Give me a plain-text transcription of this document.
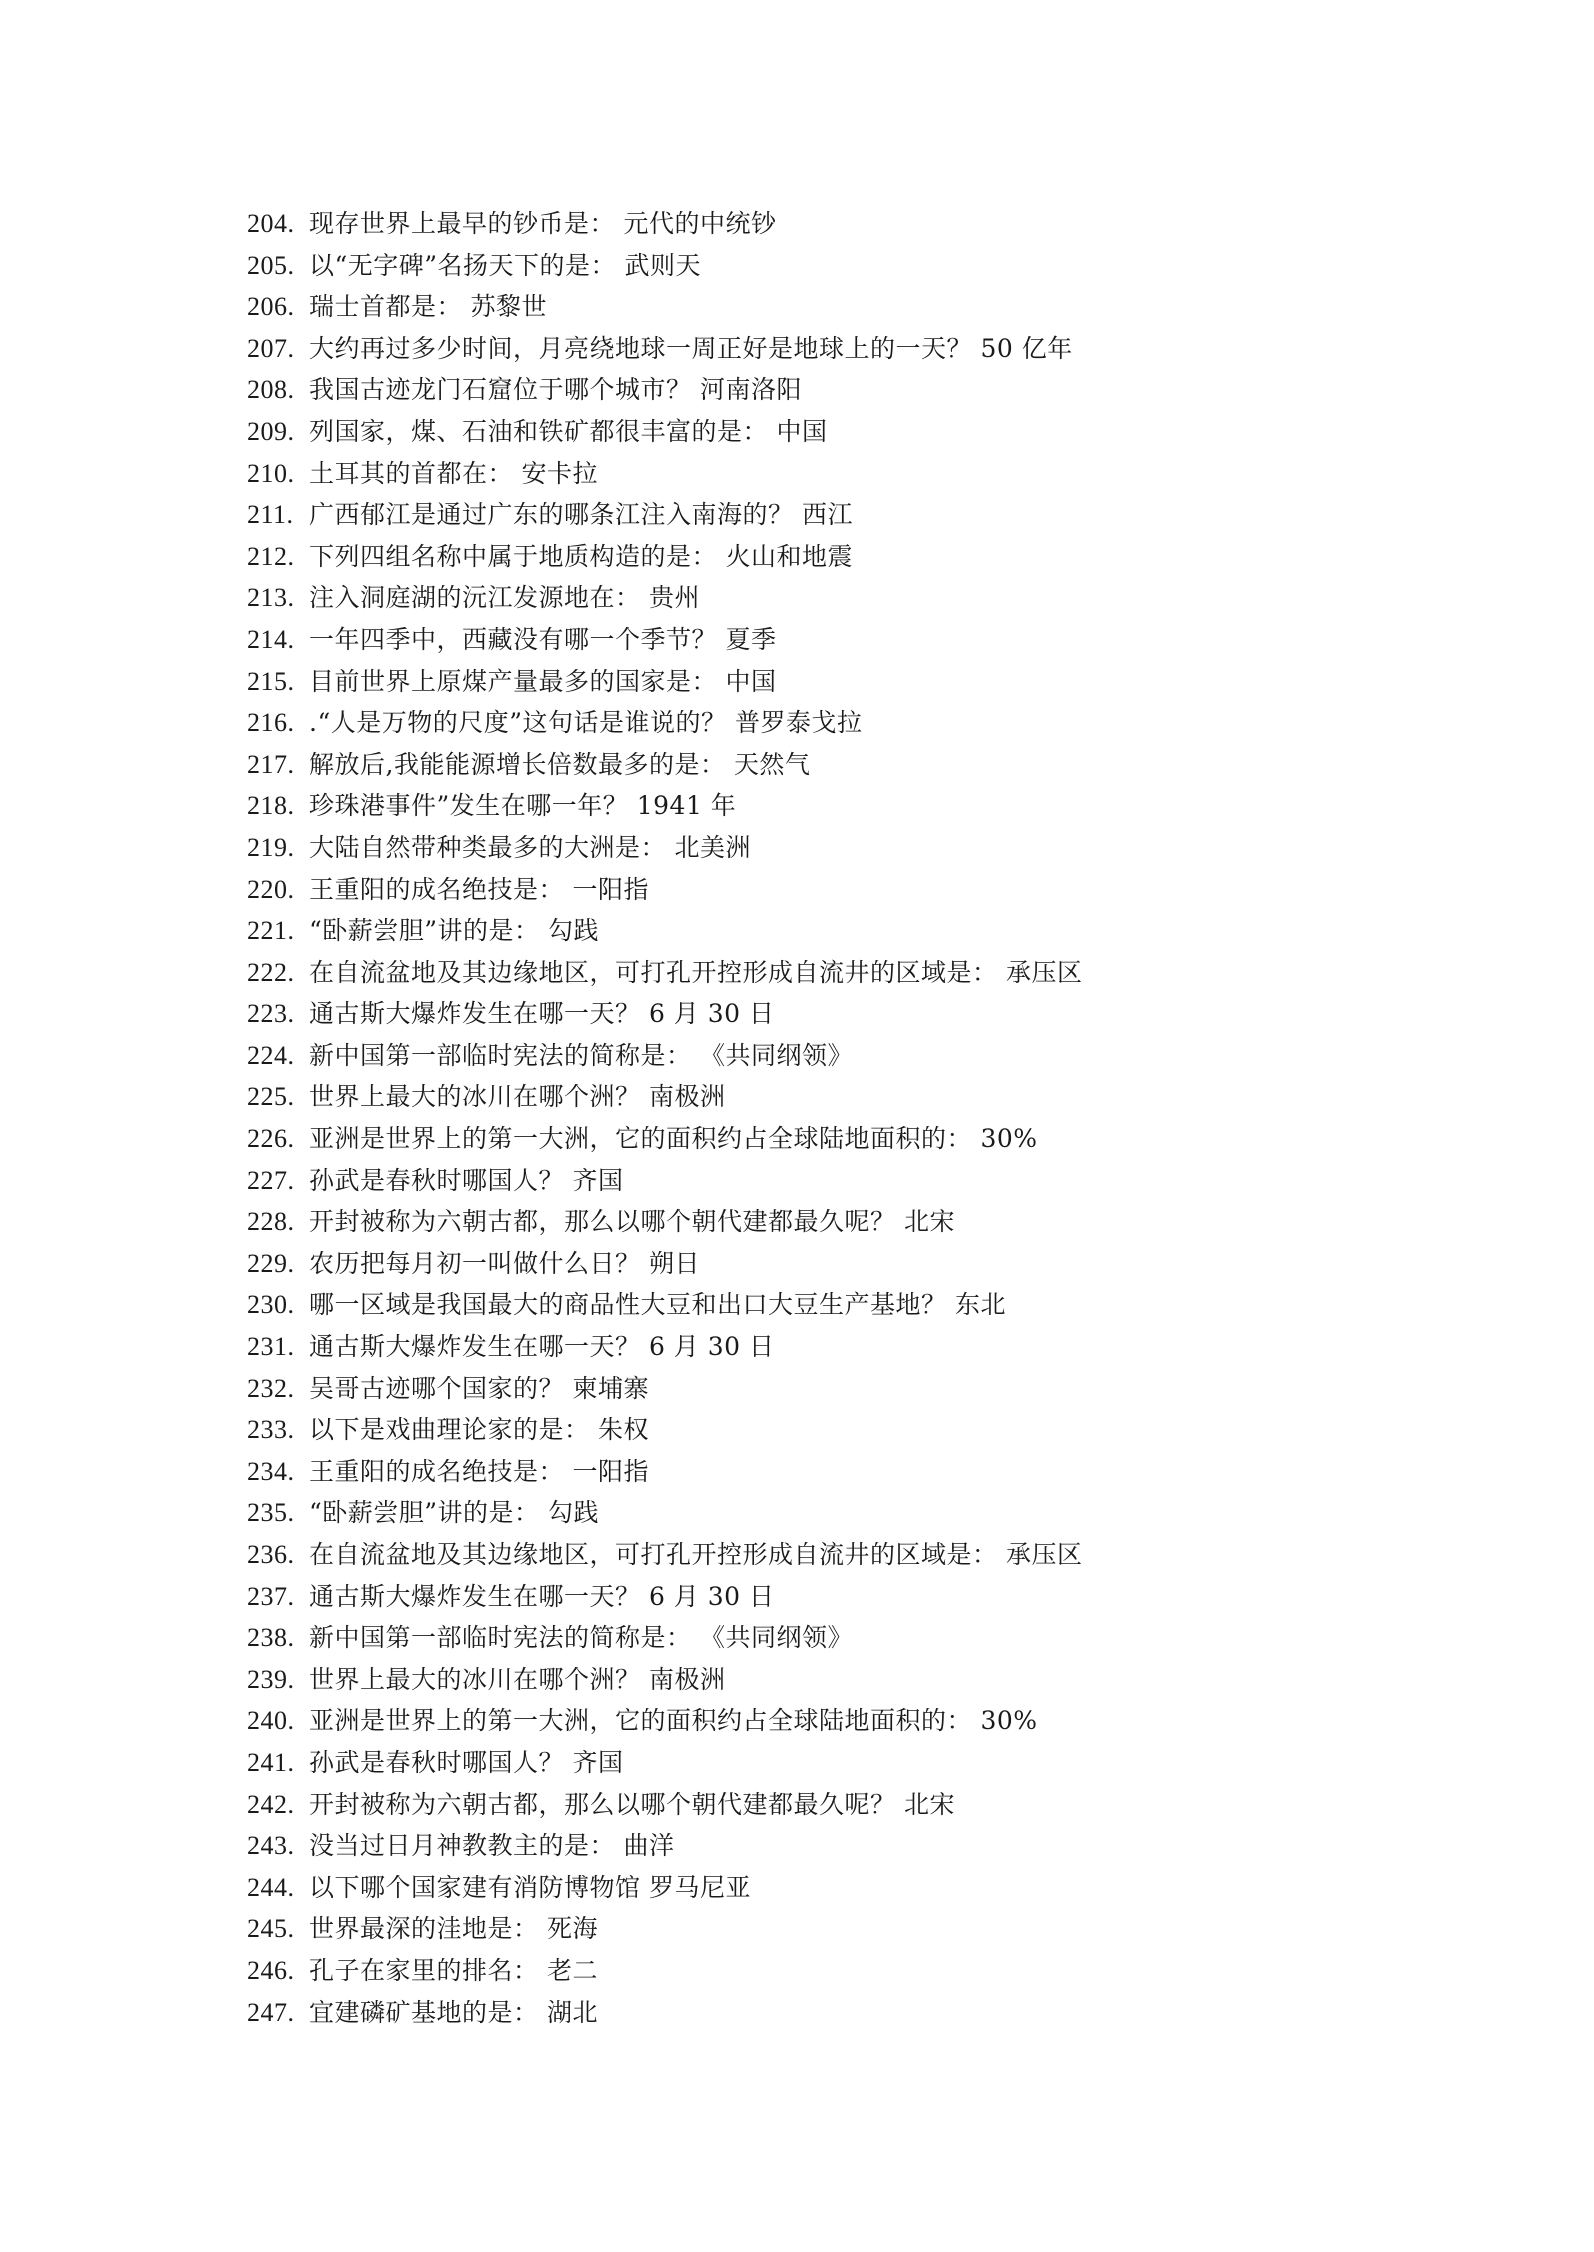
204. 现存世界上最早的钞币是： 元代的中统钞
205. 以“无字碑”名扬天下的是： 武则天
206. 瑞士首都是： 苏黎世
207. 大约再过多少时间，月亮绕地球一周正好是地球上的一天？ 50 亿年
208. 我国古迹龙门石窟位于哪个城市？ 河南洛阳
209. 列国家，煤、石油和铁矿都很丰富的是： 中国
210. 土耳其的首都在： 安卡拉
211. 广西郁江是通过广东的哪条江注入南海的？ 西江
212. 下列四组名称中属于地质构造的是： 火山和地震
213. 注入洞庭湖的沅江发源地在： 贵州
214. 一年四季中，西藏没有哪一个季节？ 夏季
215. 目前世界上原煤产量最多的国家是： 中国
216. .“人是万物的尺度”这句话是谁说的？ 普罗泰戈拉
217. 解放后,我能能源增长倍数最多的是： 天然气
218. 珍珠港事件”发生在哪一年？ 1941 年
219. 大陆自然带种类最多的大洲是： 北美洲
220. 王重阳的成名绝技是： 一阳指
221. “卧薪尝胆”讲的是： 勾践
222. 在自流盆地及其边缘地区，可打孔开控形成自流井的区域是： 承压区
223. 通古斯大爆炸发生在哪一天？ 6 月 30 日
224. 新中国第一部临时宪法的简称是： 《共同纲领》
225. 世界上最大的冰川在哪个洲？ 南极洲
226. 亚洲是世界上的第一大洲，它的面积约占全球陆地面积的： 30%
227. 孙武是春秋时哪国人？ 齐国
228. 开封被称为六朝古都，那么以哪个朝代建都最久呢？ 北宋
229. 农历把每月初一叫做什么日？ 朔日
230. 哪一区域是我国最大的商品性大豆和出口大豆生产基地？ 东北
231. 通古斯大爆炸发生在哪一天？ 6 月 30 日
232. 吴哥古迹哪个国家的？ 柬埔寨
233. 以下是戏曲理论家的是： 朱权
234. 王重阳的成名绝技是： 一阳指
235. “卧薪尝胆”讲的是： 勾践
236. 在自流盆地及其边缘地区，可打孔开控形成自流井的区域是： 承压区
237. 通古斯大爆炸发生在哪一天？ 6 月 30 日
238. 新中国第一部临时宪法的简称是： 《共同纲领》
239. 世界上最大的冰川在哪个洲？ 南极洲
240. 亚洲是世界上的第一大洲，它的面积约占全球陆地面积的： 30%
241. 孙武是春秋时哪国人？ 齐国
242. 开封被称为六朝古都，那么以哪个朝代建都最久呢？ 北宋
243. 没当过日月神教教主的是： 曲洋
244. 以下哪个国家建有消防博物馆 罗马尼亚
245. 世界最深的洼地是： 死海
246. 孔子在家里的排名： 老二
247. 宜建磷矿基地的是： 湖北
